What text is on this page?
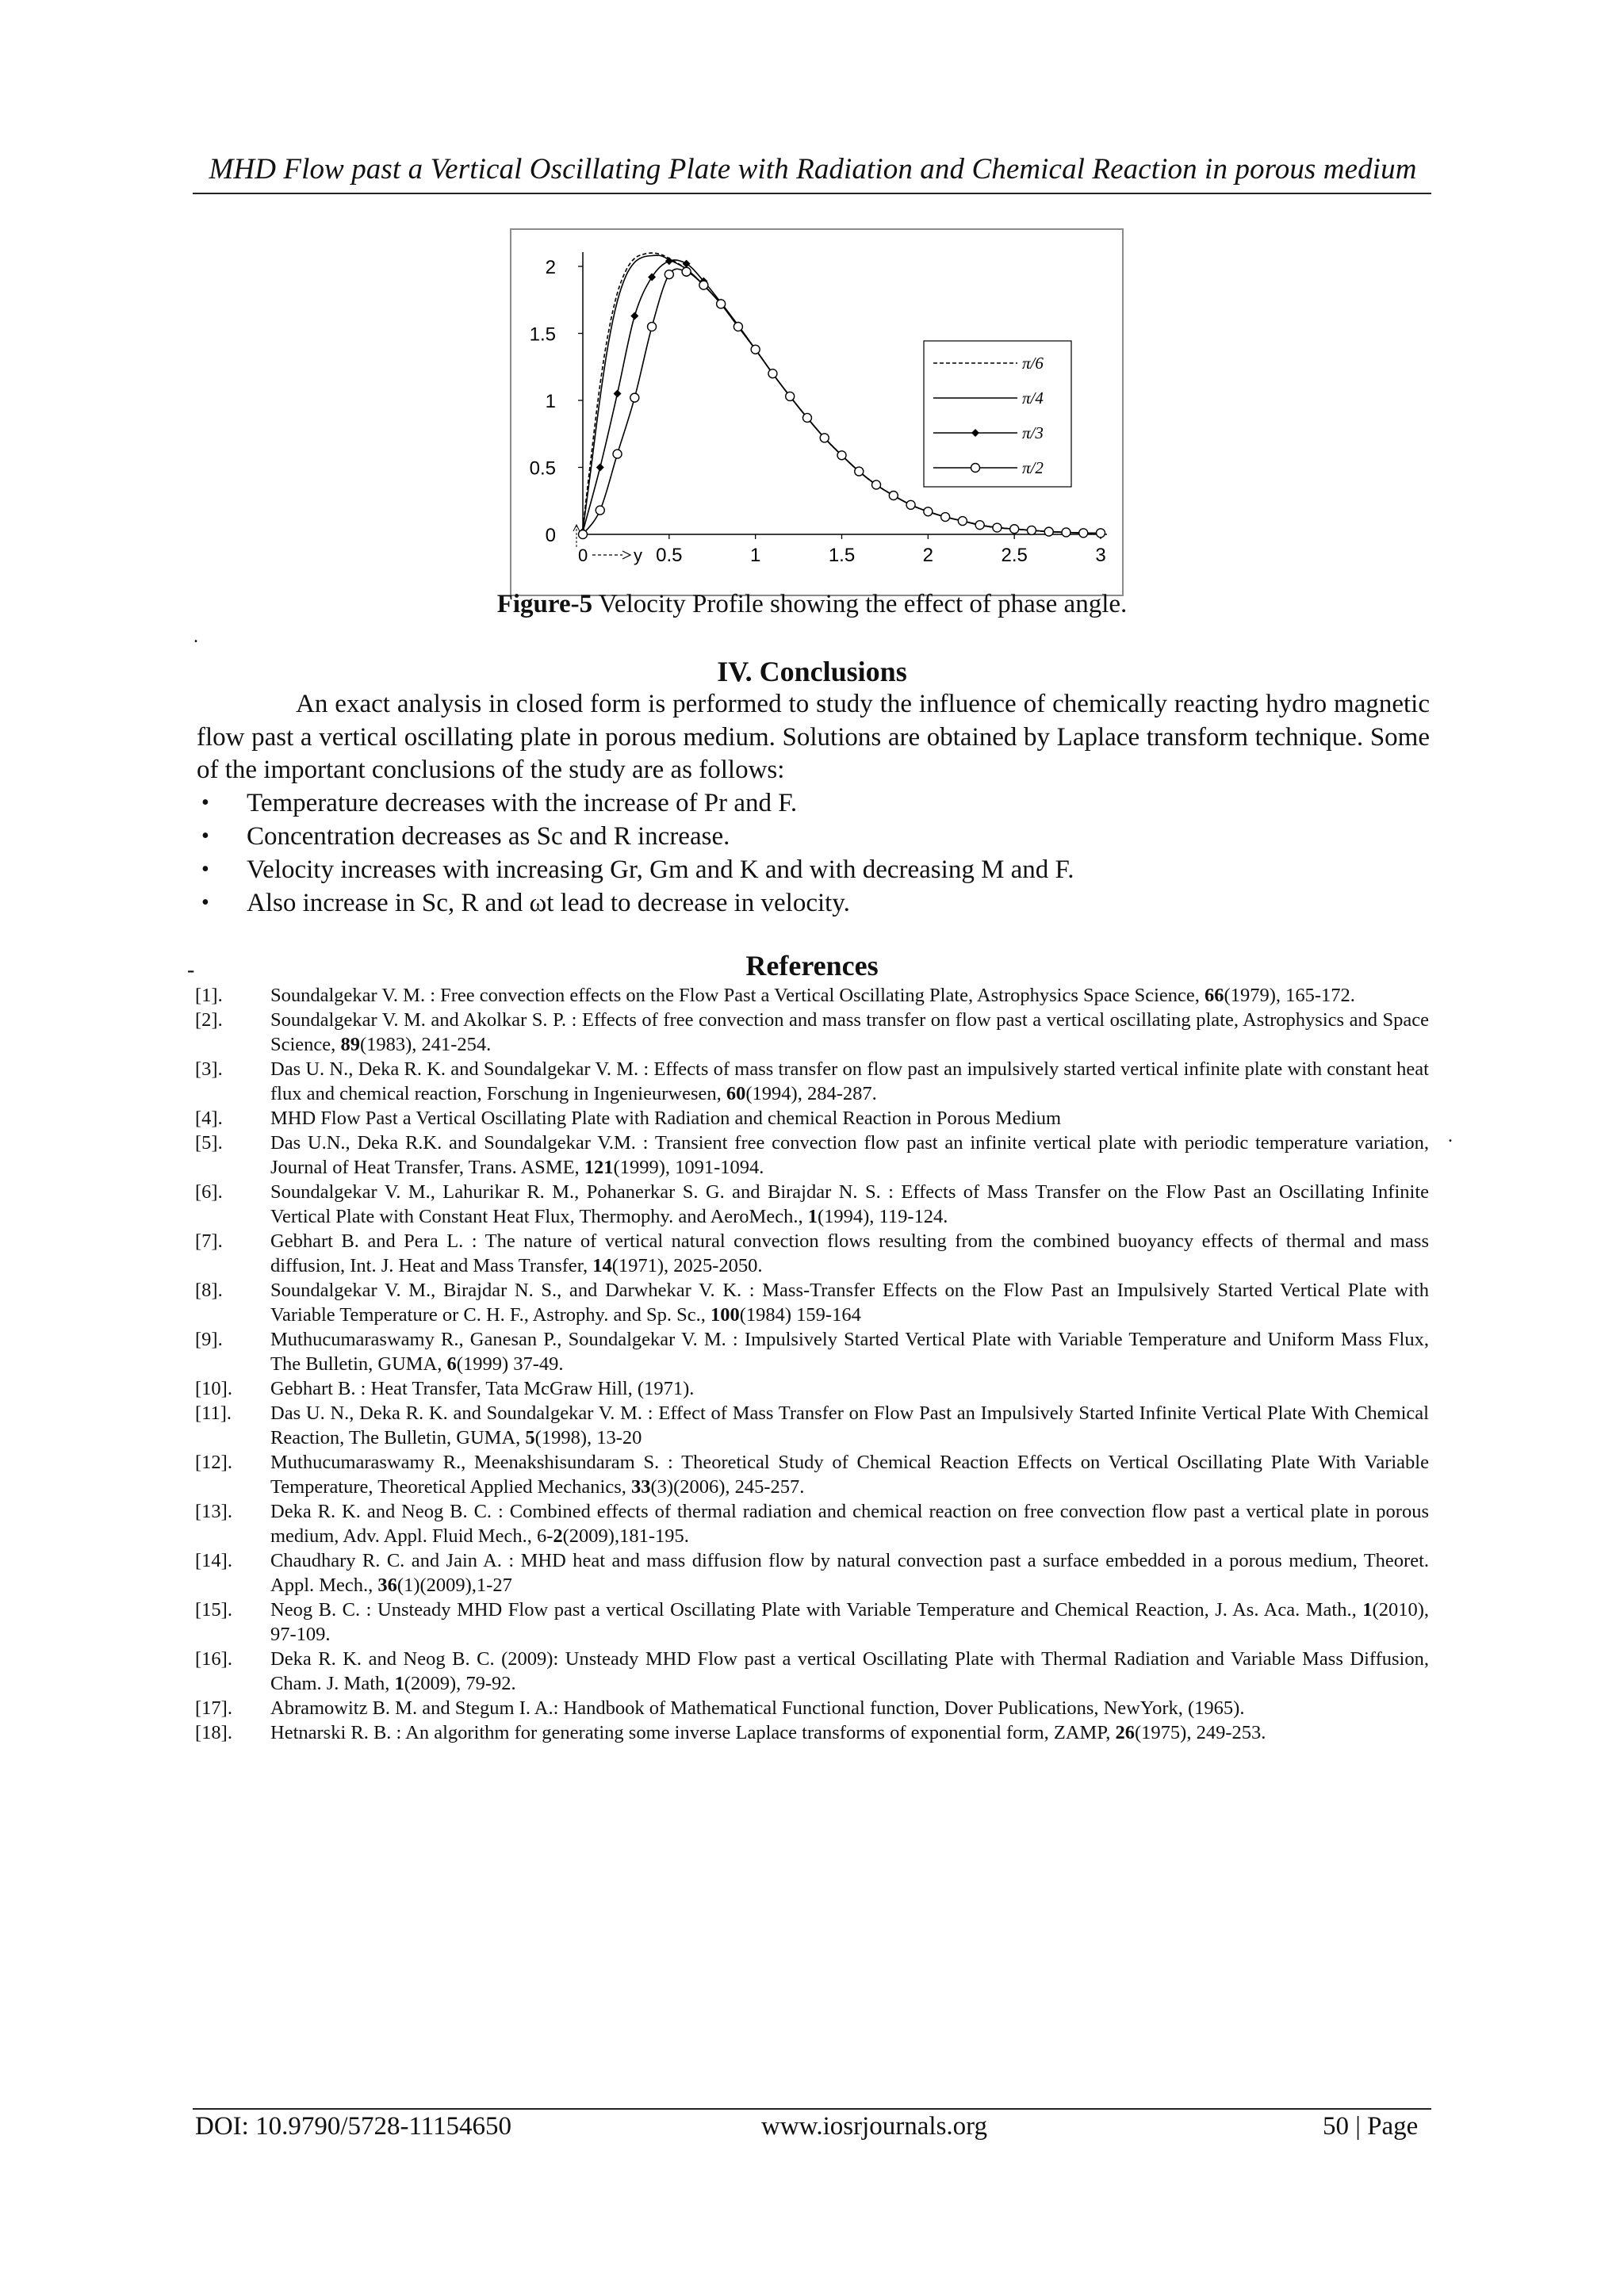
MHD Flow past a Vertical Oscillating Plate with Radiation and Chemical Reaction in porous medium
0.5	1	1.5	2	2.5	3
0
0.5
1
1.5
2
0	y
π/6
π/4
π/3
π/2
Figure-5 Velocity Profile showing the effect of phase angle.
.
.
-
IV. Conclusions

An exact analysis in closed form is performed to study the influence of chemically reacting hydro magnetic flow past a vertical oscillating plate in porous medium. Solutions are obtained by Laplace transform technique. Some of the important conclusions of the study are as follows:

• Temperature decreases with the increase of Pr and F.
• Concentration decreases as Sc and R increase.
• Velocity increases with increasing Gr, Gm and K and with decreasing M and F.
• Also increase in Sc, R and ωt lead to decrease in velocity.
References
[1]. Soundalgekar V. M. : Free convection effects on the Flow Past a Vertical Oscillating Plate, Astrophysics Space Science, 66(1979), 165-172.
[2]. Soundalgekar V. M. and Akolkar S. P. : Effects of free convection and mass transfer on flow past a vertical oscillating plate, Astrophysics and Space Science, 89(1983), 241-254.
[3]. Das U. N., Deka R. K. and Soundalgekar V. M. : Effects of mass transfer on flow past an impulsively started vertical infinite plate with constant heat flux and chemical reaction, Forschung in Ingenieurwesen, 60(1994), 284-287.
[4]. MHD Flow Past a Vertical Oscillating Plate with Radiation and chemical Reaction in Porous Medium
[5]. Das U.N., Deka R.K. and Soundalgekar V.M. : Transient free convection flow past an infinite vertical plate with periodic temperature variation, Journal of Heat Transfer, Trans. ASME, 121(1999), 1091-1094.
[6]. Soundalgekar V. M., Lahurikar R. M., Pohanerkar S. G. and Birajdar N. S. : Effects of Mass Transfer on the Flow Past an Oscillating Infinite Vertical Plate with Constant Heat Flux, Thermophy. and AeroMech., 1(1994), 119-124.
[7]. Gebhart B. and Pera L. : The nature of vertical natural convection flows resulting from the combined buoyancy effects of thermal and mass diffusion, Int. J. Heat and Mass Transfer, 14(1971), 2025-2050.
[8]. Soundalgekar V. M., Birajdar N. S., and Darwhekar V. K. : Mass-Transfer Effects on the Flow Past an Impulsively Started Vertical Plate with Variable Temperature or C. H. F., Astrophy. and Sp. Sc., 100(1984) 159-164
[9]. Muthucumaraswamy R., Ganesan P., Soundalgekar V. M. : Impulsively Started Vertical Plate with Variable Temperature and Uniform Mass Flux, The Bulletin, GUMA, 6(1999) 37-49.
[10]. Gebhart B. : Heat Transfer, Tata McGraw Hill, (1971).
[11]. Das U. N., Deka R. K. and Soundalgekar V. M. : Effect of Mass Transfer on Flow Past an Impulsively Started Infinite Vertical Plate With Chemical Reaction, The Bulletin, GUMA, 5(1998), 13-20
[12]. Muthucumaraswamy R., Meenakshisundaram S. : Theoretical Study of Chemical Reaction Effects on Vertical Oscillating Plate With Variable Temperature, Theoretical Applied Mechanics, 33(3)(2006), 245-257.
[13]. Deka R. K. and Neog B. C. : Combined effects of thermal radiation and chemical reaction on free convection flow past a vertical plate in porous medium, Adv. Appl. Fluid Mech., 6-2(2009),181-195.
[14]. Chaudhary R. C. and Jain A. : MHD heat and mass diffusion flow by natural convection past a surface embedded in a porous medium, Theoret. Appl. Mech., 36(1)(2009),1-27
[15]. Neog B. C. : Unsteady MHD Flow past a vertical Oscillating Plate with Variable Temperature and Chemical Reaction, J. As. Aca. Math., 1(2010), 97-109.
[16]. Deka R. K. and Neog B. C. (2009): Unsteady MHD Flow past a vertical Oscillating Plate with Thermal Radiation and Variable Mass Diffusion, Cham. J. Math, 1(2009), 79-92.
[17]. Abramowitz B. M. and Stegum I. A.: Handbook of Mathematical Functional function, Dover Publications, NewYork, (1965).
[18]. Hetnarski R. B. : An algorithm for generating some inverse Laplace transforms of exponential form, ZAMP, 26(1975), 249-253.
DOI: 10.9790/5728-11154650	www.iosrjournals.org	50 | Page
